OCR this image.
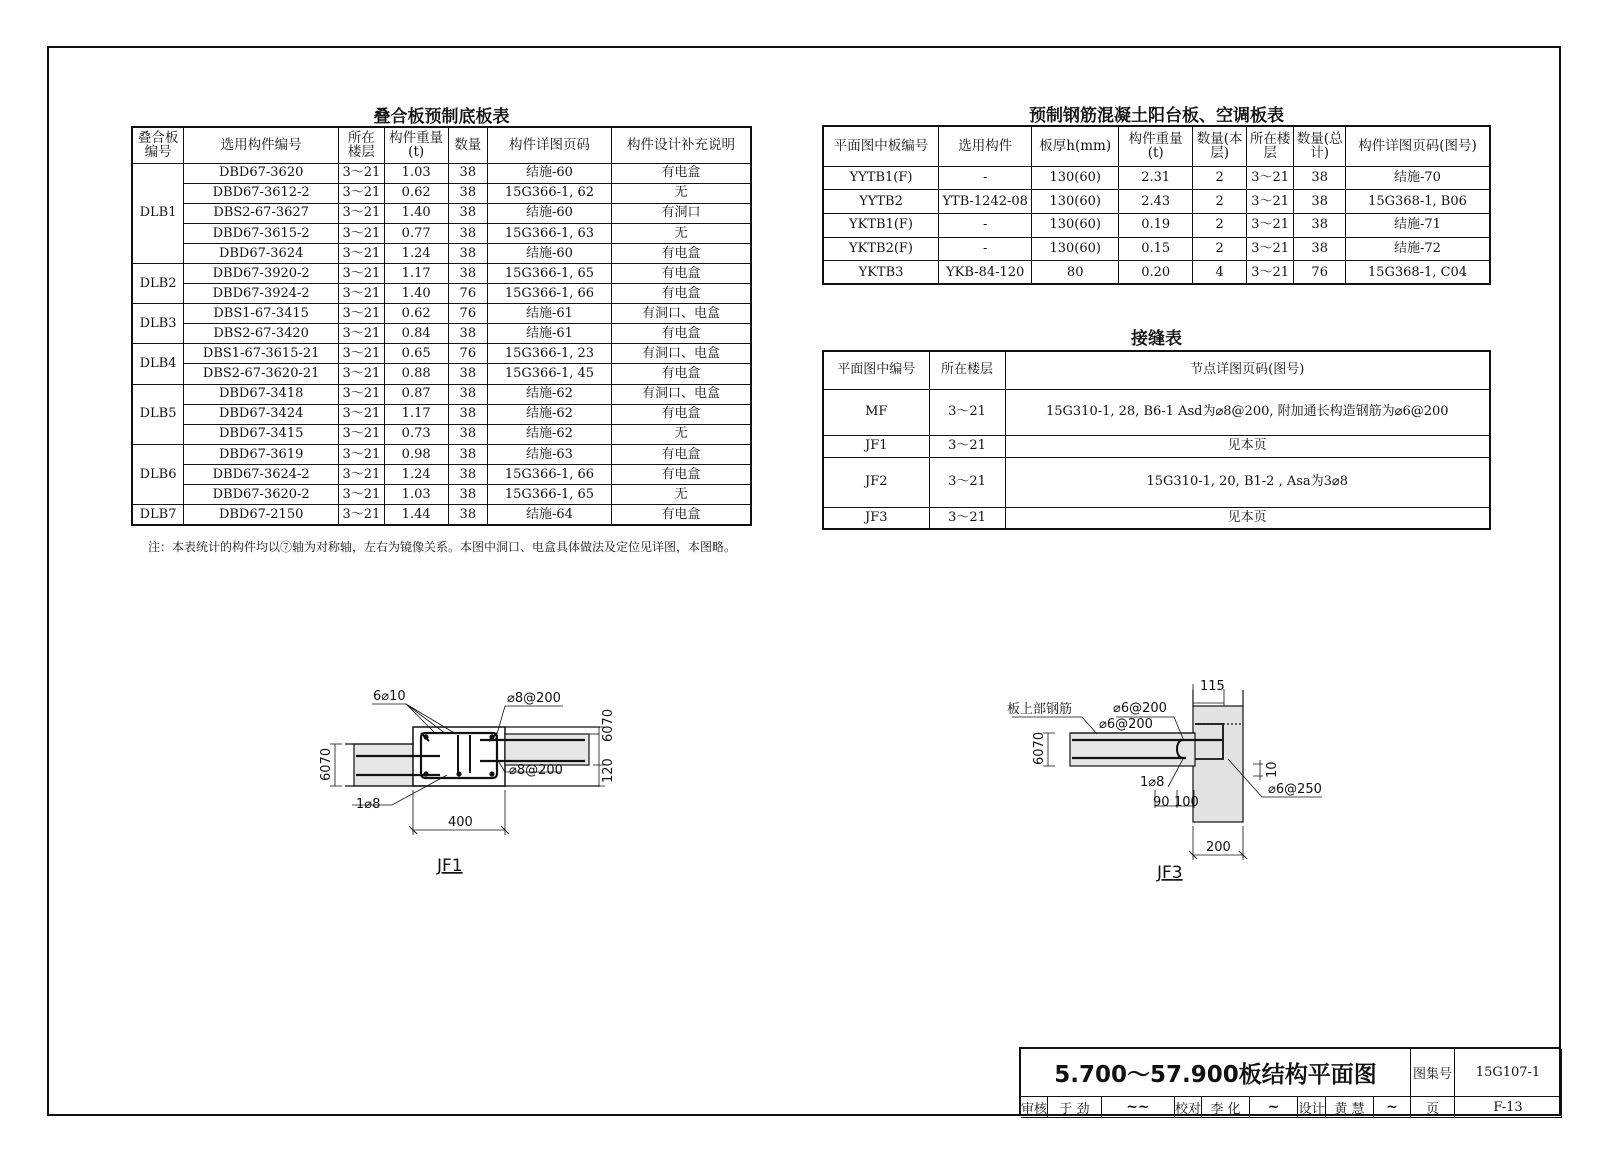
叠合板预制底板表
叠合板编号	选用构件编号	所在楼层	构件重量(t)	数量	构件详图页码	构件设计补充说明
DLB1	DBD67-3620	3～21	1.03	38	结施-60	有电盒
	DBD67-3612-2	3～21	0.62	38	15G366-1, 62	无
	DBS2-67-3627	3～21	1.40	38	结施-60	有洞口
	DBD67-3615-2	3～21	0.77	38	15G366-1, 63	无
	DBD67-3624	3～21	1.24	38	结施-60	有电盒
DLB2	DBD67-3920-2	3～21	1.17	38	15G366-1, 65	有电盒
	DBD67-3924-2	3～21	1.40	76	15G366-1, 66	有电盒
DLB3	DBS1-67-3415	3～21	0.62	76	结施-61	有洞口、电盒
	DBS2-67-3420	3～21	0.84	38	结施-61	有电盒
DLB4	DBS1-67-3615-21	3～21	0.65	76	15G366-1, 23	有洞口、电盒
	DBS2-67-3620-21	3～21	0.88	38	15G366-1, 45	有电盒
DLB5	DBD67-3418	3～21	0.87	38	结施-62	有洞口、电盒
	DBD67-3424	3～21	1.17	38	结施-62	有电盒
	DBD67-3415	3～21	0.73	38	结施-62	无
DLB6	DBD67-3619	3～21	0.98	38	结施-63	有电盒
	DBD67-3624-2	3～21	1.24	38	15G366-1, 66	有电盒
	DBD67-3620-2	3～21	1.03	38	15G366-1, 65	无
DLB7	DBD67-2150	3～21	1.44	38	结施-64	有电盒
注：本表统计的构件均以⑦轴为对称轴，左右为镜像关系。本图中洞口、电盒具体做法及定位见详图，本图略。
预制钢筋混凝土阳台板、空调板表
平面图中板编号	选用构件	板厚h(mm)	构件重量(t)	数量(本层)	所在楼层	数量(总计)	构件详图页码(图号)
YYTB1(F)	-	130(60)	2.31	2	3～21	38	结施-70
YYTB2	YTB-1242-08	130(60)	2.43	2	3～21	38	15G368-1, B06
YKTB1(F)	-	130(60)	0.19	2	3～21	38	结施-71
YKTB2(F)	-	130(60)	0.15	2	3～21	38	结施-72
YKTB3	YKB-84-120	80	0.20	4	3～21	76	15G368-1, C04
接缝表
平面图中编号	所在楼层	节点详图页码(图号)
MF	3～21	15G310-1, 28, B6-1 Asd为⌀8@200, 附加通长构造钢筋为⌀6@200
JF1	3～21	见本页
JF2	3～21	15G310-1, 20, B1-2 , Asa为3⌀8
JF3	3～21	见本页
6⌀10	⌀8@200
⌀8@200
1⌀8
400
6070
6070
120
JF1
板上部钢筋	⌀6@200
⌀6@200
⌀6@250
1⌀8
115
6070
90 100
10
200
JF3
5.700～57.900板结构平面图	图集号	15G107-1
审核 于 劲	~~	校对 李 化	~	设计 黄 慧	~	页	F-13
